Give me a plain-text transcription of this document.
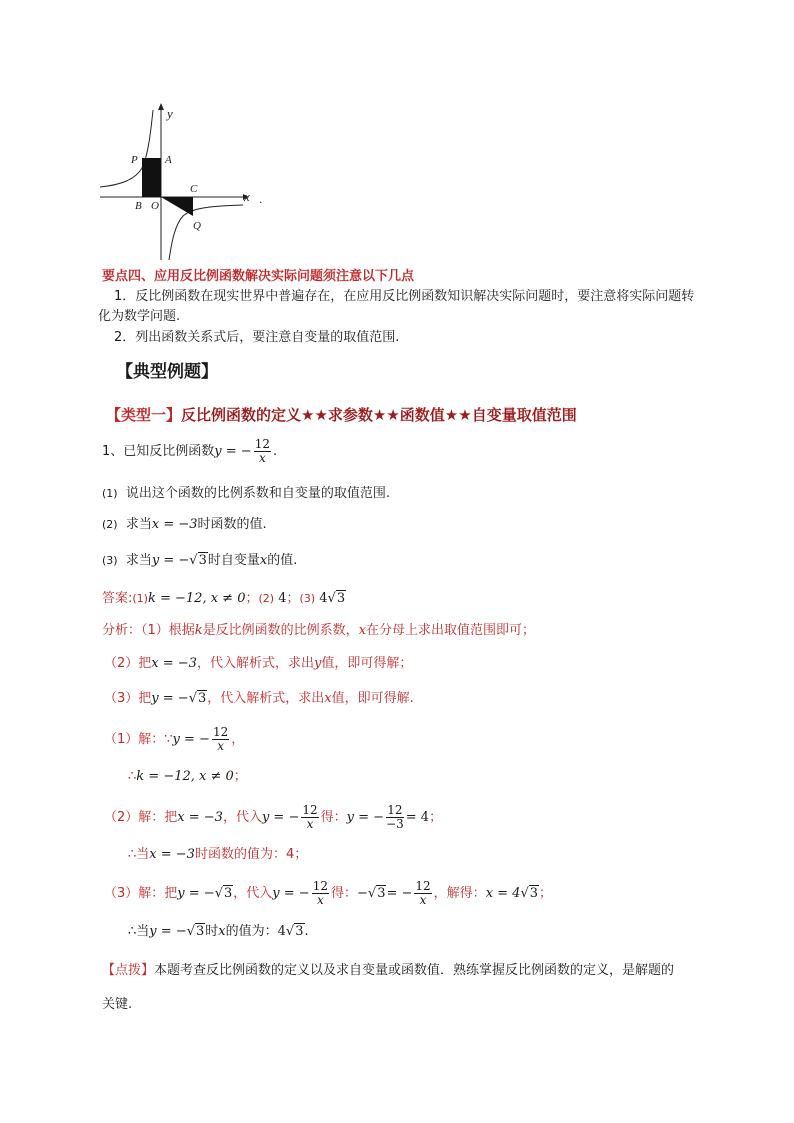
y
x
P A
B O
C
Q
.
要点四、应用反比例函数解决实际问题须注意以下几点
1．反比例函数在现实世界中普遍存在，在应用反比例函数知识解决实际问题时，要注意将实际问题转
化为数学问题.
2．列出函数关系式后，要注意自变量的取值范围.
【典型例题】
【类型一】反比例函数的定义★★求参数★★函数值★★自变量取值范围
1、已知反比例函数y = − $\frac{12}{x}$ .
(1) 说出这个函数的比例系数和自变量的取值范围.
(2) 求当x = −3时函数的值.
(3) 求当y = −√3时自变量x的值.
答案:(1)k = −12, x ≠ 0；(2) 4；(3) 4√3
分析：（1）根据k是反比例函数的比例系数，x在分母上求出取值范围即可；
（2）把x = −3，代入解析式，求出y值，即可得解；
（3）把y = −√3，代入解析式，求出x值，即可得解.
（1）解：∵y = − $\frac{12}{x}$ ，
∴k = −12, x ≠ 0；
（2）解：把x = −3，代入y = − $\frac{12}{x}$ 得：y = − $\frac{12}{-3} = 4$；
∴当x = −3时函数的值为：4；
（3）解：把y = −√3，代入y = − $\frac{12}{x}$ 得：$-√3= - \frac{12}{x}$ ，解得：x = 4√3；
∴当y = −√3时x的值为：4√3.
【点拨】本题考查反比例函数的定义以及求自变量或函数值．熟练掌握反比例函数的定义，是解题的
关键.
